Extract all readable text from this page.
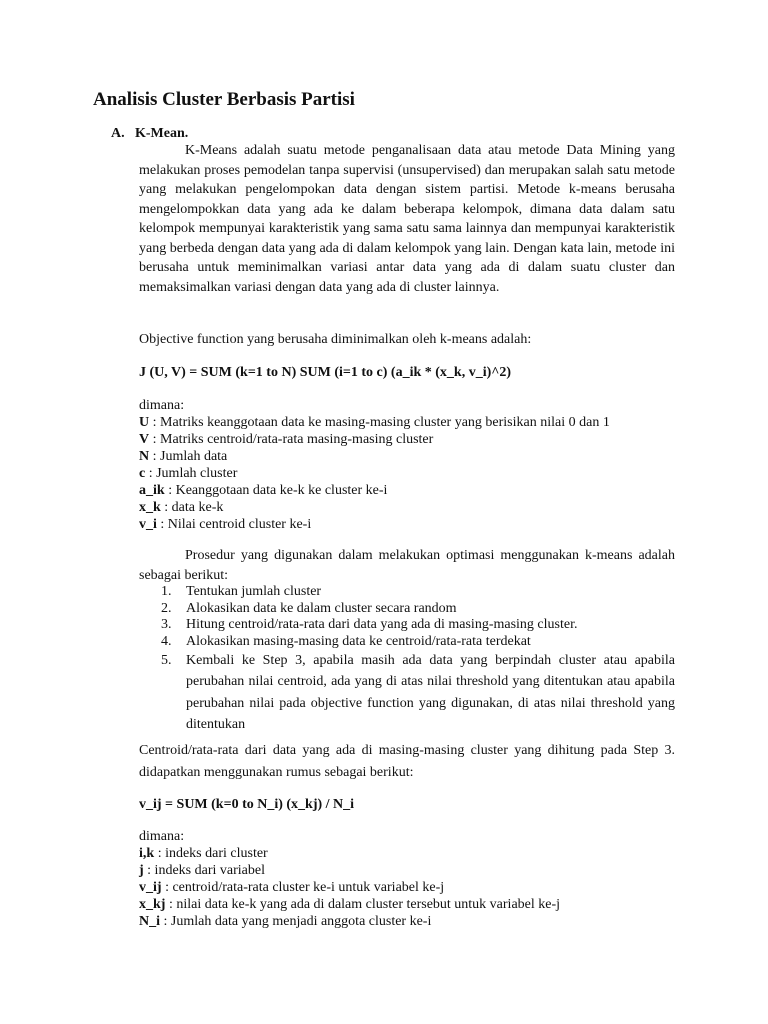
Analisis Cluster Berbasis Partisi
A. K-Mean.

K-Means adalah suatu metode penganalisaan data atau metode Data Mining yang melakukan proses pemodelan tanpa supervisi (unsupervised) dan merupakan salah satu metode yang melakukan pengelompokan data dengan sistem partisi. Metode k-means berusaha mengelompokkan data yang ada ke dalam beberapa kelompok, dimana data dalam satu kelompok mempunyai karakteristik yang sama satu sama lainnya dan mempunyai karakteristik yang berbeda dengan data yang ada di dalam kelompok yang lain. Dengan kata lain, metode ini berusaha untuk meminimalkan variasi antar data yang ada di dalam suatu cluster dan memaksimalkan variasi dengan data yang ada di cluster lainnya.

Objective function yang berusaha diminimalkan oleh k-means adalah:

J (U, V) = SUM (k=1 to N) SUM (i=1 to c) (a_ik * (x_k, v_i)^2)

dimana:

U : Matriks keanggotaan data ke masing-masing cluster yang berisikan nilai 0 dan 1
V : Matriks centroid/rata-rata masing-masing cluster
N : Jumlah data
c : Jumlah cluster
a_ik : Keanggotaan data ke-k ke cluster ke-i
x_k : data ke-k
v_i : Nilai centroid cluster ke-i

Prosedur yang digunakan dalam melakukan optimasi menggunakan k-means adalah sebagai berikut:

1. Tentukan jumlah cluster
2. Alokasikan data ke dalam cluster secara random
3. Hitung centroid/rata-rata dari data yang ada di masing-masing cluster.
4. Alokasikan masing-masing data ke centroid/rata-rata terdekat
5. Kembali ke Step 3, apabila masih ada data yang berpindah cluster atau apabila perubahan nilai centroid, ada yang di atas nilai threshold yang ditentukan atau apabila perubahan nilai pada objective function yang digunakan, di atas nilai threshold yang ditentukan

Centroid/rata-rata dari data yang ada di masing-masing cluster yang dihitung pada Step 3. didapatkan menggunakan rumus sebagai berikut:

v_ij = SUM (k=0 to N_i) (x_kj) / N_i

dimana:

i,k : indeks dari cluster
j : indeks dari variabel
v_ij : centroid/rata-rata cluster ke-i untuk variabel ke-j
x_kj : nilai data ke-k yang ada di dalam cluster tersebut untuk variabel ke-j
N_i : Jumlah data yang menjadi anggota cluster ke-i
